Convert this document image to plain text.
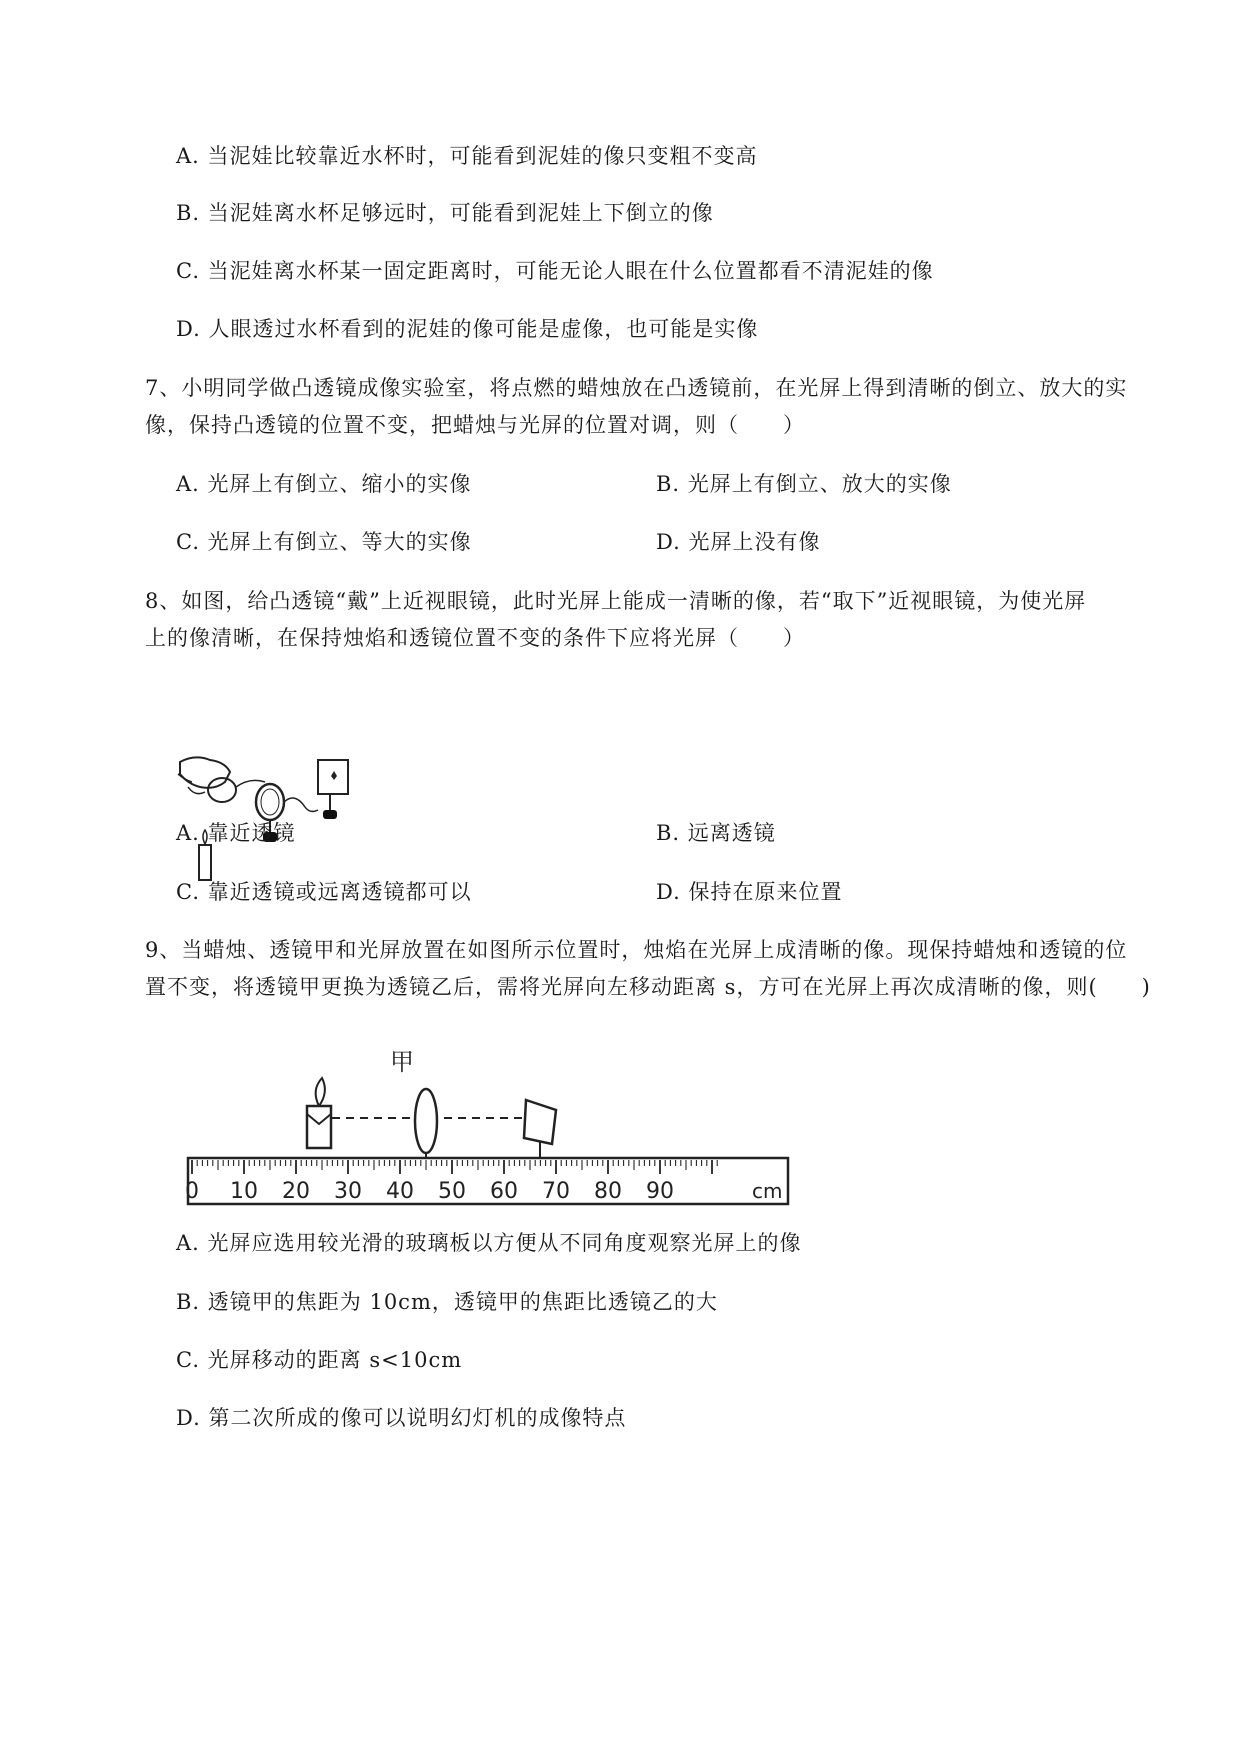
A. 当泥娃比较靠近水杯时，可能看到泥娃的像只变粗不变高
B. 当泥娃离水杯足够远时，可能看到泥娃上下倒立的像
C. 当泥娃离水杯某一固定距离时，可能无论人眼在什么位置都看不清泥娃的像
D. 人眼透过水杯看到的泥娃的像可能是虚像，也可能是实像
7、小明同学做凸透镜成像实验室，将点燃的蜡烛放在凸透镜前，在光屏上得到清晰的倒立、放大的实
像，保持凸透镜的位置不变，把蜡烛与光屏的位置对调，则（　　）
A. 光屏上有倒立、缩小的实像	B. 光屏上有倒立、放大的实像
C. 光屏上有倒立、等大的实像	D. 光屏上没有像
8、如图，给凸透镜“戴”上近视眼镜，此时光屏上能成一清晰的像，若“取下”近视眼镜，为使光屏
上的像清晰，在保持烛焰和透镜位置不变的条件下应将光屏（　　）
A. 靠近透镜	B. 远离透镜
C. 靠近透镜或远离透镜都可以	D. 保持在原来位置
9、当蜡烛、透镜甲和光屏放置在如图所示位置时，烛焰在光屏上成清晰的像。现保持蜡烛和透镜的位
置不变，将透镜甲更换为透镜乙后，需将光屏向左移动距离 s，方可在光屏上再次成清晰的像，则(　　)
甲
0 10 20 30 40 50 60 70 80 90	cm
A. 光屏应选用较光滑的玻璃板以方便从不同角度观察光屏上的像
B. 透镜甲的焦距为 10cm，透镜甲的焦距比透镜乙的大
C. 光屏移动的距离 s<10cm
D. 第二次所成的像可以说明幻灯机的成像特点
